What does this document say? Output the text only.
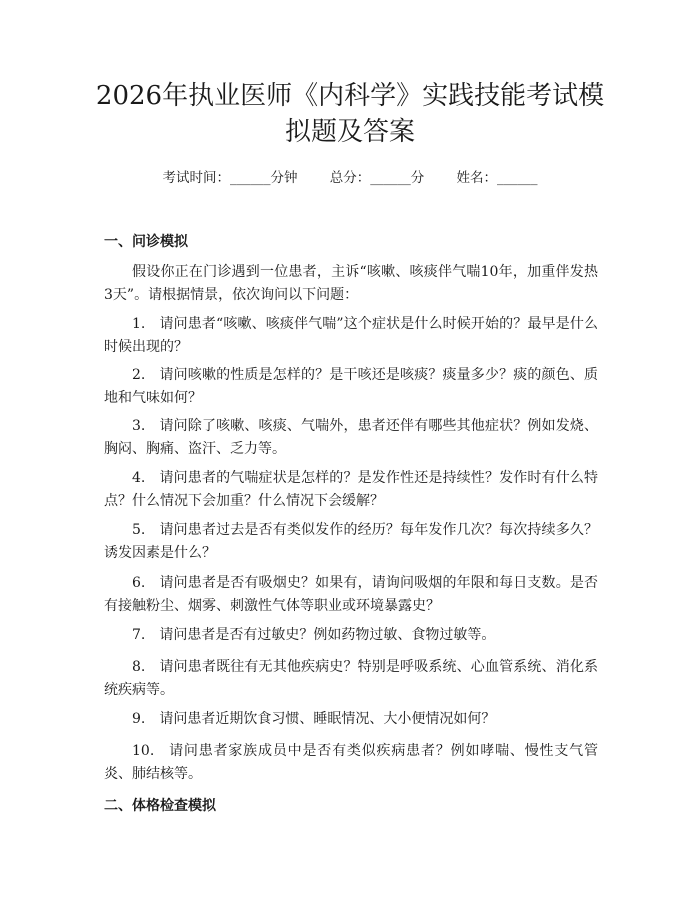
2026年执业医师《内科学》实践技能考试模拟题及答案
考试时间：______分钟 总分：______分 姓名：______
一、问诊模拟

假设你正在门诊遇到一位患者，主诉“咳嗽、咳痰伴气喘10年，加重伴发热3天”。请根据情景，依次询问以下问题：

1. 请问患者“咳嗽、咳痰伴气喘”这个症状是什么时候开始的？最早是什么时候出现的？

2. 请问咳嗽的性质是怎样的？是干咳还是咳痰？痰量多少？痰的颜色、质地和气味如何？

3. 请问除了咳嗽、咳痰、气喘外，患者还伴有哪些其他症状？例如发烧、胸闷、胸痛、盗汗、乏力等。

4. 请问患者的气喘症状是怎样的？是发作性还是持续性？发作时有什么特点？什么情况下会加重？什么情况下会缓解？

5. 请问患者过去是否有类似发作的经历？每年发作几次？每次持续多久？诱发因素是什么？

6. 请问患者是否有吸烟史？如果有，请询问吸烟的年限和每日支数。是否有接触粉尘、烟雾、刺激性气体等职业或环境暴露史？

7. 请问患者是否有过敏史？例如药物过敏、食物过敏等。

8. 请问患者既往有无其他疾病史？特别是呼吸系统、心血管系统、消化系统疾病等。

9. 请问患者近期饮食习惯、睡眠情况、大小便情况如何？

10. 请问患者家族成员中是否有类似疾病患者？例如哮喘、慢性支气管炎、肺结核等。

二、体格检查模拟
